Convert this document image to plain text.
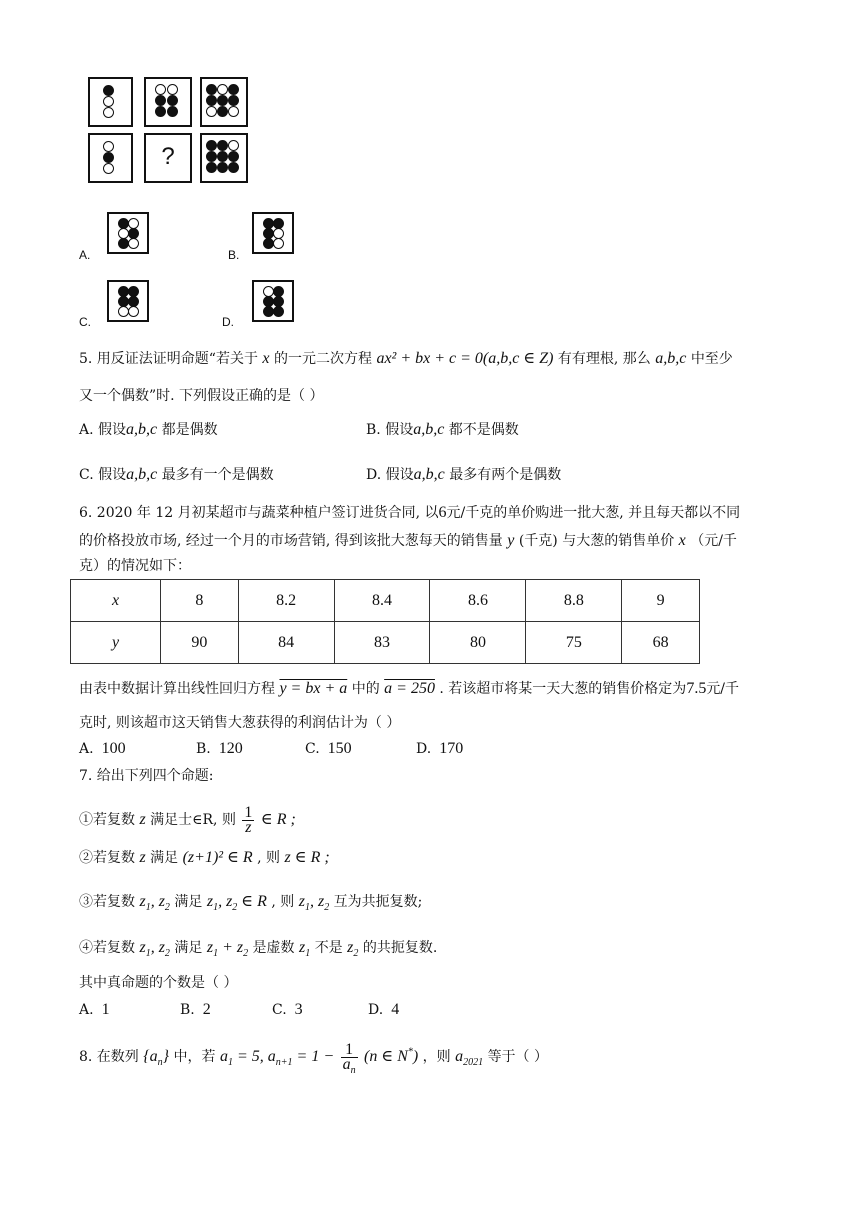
?
A.	B.
C.	D.
5. 用反证法证明命题“若关于 x 的一元二次方程 ax² + bx + c = 0(a,b,c ∈ Z) 有有理根, 那么 a,b,c 中至少
又一个偶数”时. 下列假设正确的是（ ）
A. 假设a,b,c 都是偶数	B. 假设a,b,c 都不是偶数
C. 假设a,b,c 最多有一个是偶数	D. 假设a,b,c 最多有两个是偶数
6. 2020 年 12 月初某超市与蔬菜种植户签订进货合同, 以6元/千克的单价购进一批大葱, 并且每天都以不同
的价格投放市场, 经过一个月的市场营销, 得到该批大葱每天的销售量 y (千克) 与大葱的销售单价 x （元/千
克）的情况如下：
x	8	8.2	8.4	8.6	8.8	9
y	90	84	83	80	75	68
由表中数据计算出线性回归方程 y = bx + a 中的 a = 250 . 若该超市将某一天大葱的销售价格定为7.5元/千
克时, 则该超市这天销售大葱获得的利润估计为（ ）
A. 100	B. 120	C. 150	D. 170
7. 给出下列四个命题:
①若复数 z 满足士∈R, 则 $\frac{1}{z}$ ∈ R ;
②若复数 z 满足 (z+1)² ∈ R , 则 z ∈ R ;
③若复数 $z_1$, $z_2$ 满足 $z_1$, $z_2$ ∈ R , 则 $z_1$, $z_2$ 互为共扼复数;
④若复数 $z_1$, $z_2$ 满足 $z_1 + z_2$ 是虚数 $z_1$ 不是 $z_2$ 的共扼复数.
其中真命题的个数是（ ）
A. 1	B. 2	C. 3	D. 4
8. 在数列 $\{a_n\}$ 中，若 $a_1 = 5$, $a_{n+1} = 1 - \frac{1}{a_n} (n$ ∈ N*) ，则 $a_{2021}$ 等于（ ）
